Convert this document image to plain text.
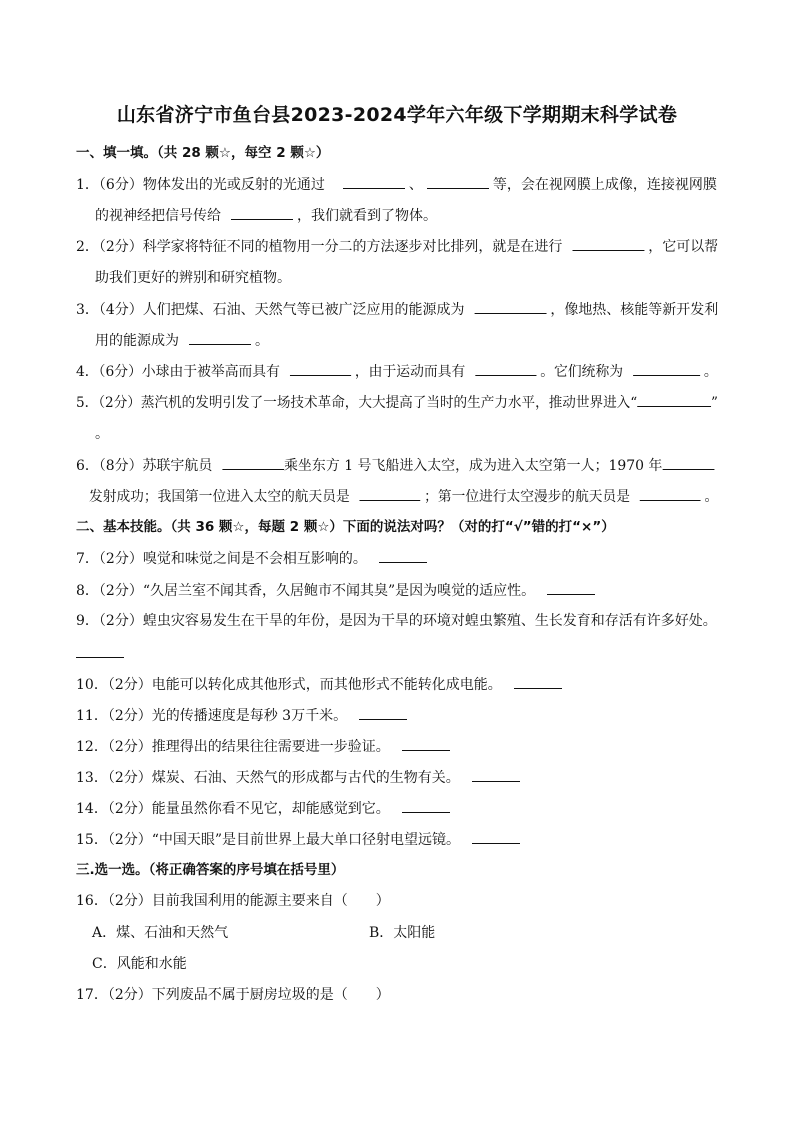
山东省济宁市鱼台县2023-2024学年六年级下学期期末科学试卷
一、填一填。（共 28 颗☆，每空 2 颗☆）
1．（6分）物体发出的光或反射的光通过	、	等，会在视网膜上成像，连接视网膜
的视神经把信号传给	，我们就看到了物体。
2．（2分）科学家将特征不同的植物用一分二的方法逐步对比排列，就是在进行	，它可以帮
助我们更好的辨别和研究植物。
3．（4分）人们把煤、石油、天然气等已被广泛应用的能源成为	，像地热、核能等新开发利
用的能源成为	。
4．（6分）小球由于被举高而具有	，由于运动而具有	。它们统称为	。
5．（2分）蒸汽机的发明引发了一场技术革命，大大提高了当时的生产力水平，推动世界进入“	”
。
6．（8分）苏联宇航员	乘坐东方 1 号飞船进入太空，成为进入太空第一人；1970 年
发射成功；我国第一位进入太空的航天员是	；第一位进行太空漫步的航天员是	。
二、基本技能。（共 36 颗☆，每题 2 颗☆）下面的说法对吗？（对的打“√”错的打“×”）
7．（2分）嗅觉和味觉之间是不会相互影响的。
8．（2分）“久居兰室不闻其香，久居鲍市不闻其臭”是因为嗅觉的适应性。
9．（2分）蝗虫灾容易发生在干旱的年份，是因为干旱的环境对蝗虫繁殖、生长发育和存活有许多好处。
10．（2分）电能可以转化成其他形式，而其他形式不能转化成电能。
11．（2分）光的传播速度是每秒 3万千米。
12．（2分）推理得出的结果往往需要进一步验证。
13．（2分）煤炭、石油、天然气的形成都与古代的生物有关。
14．（2分）能量虽然你看不见它，却能感觉到它。
15．（2分）“中国天眼”是目前世界上最大单口径射电望远镜。
三.选一选。（将正确答案的序号填在括号里）
16．（2分）目前我国利用的能源主要来自（　　）
A．煤、石油和天然气	B．太阳能
C．风能和水能
17．（2分）下列废品不属于厨房垃圾的是（　　）
